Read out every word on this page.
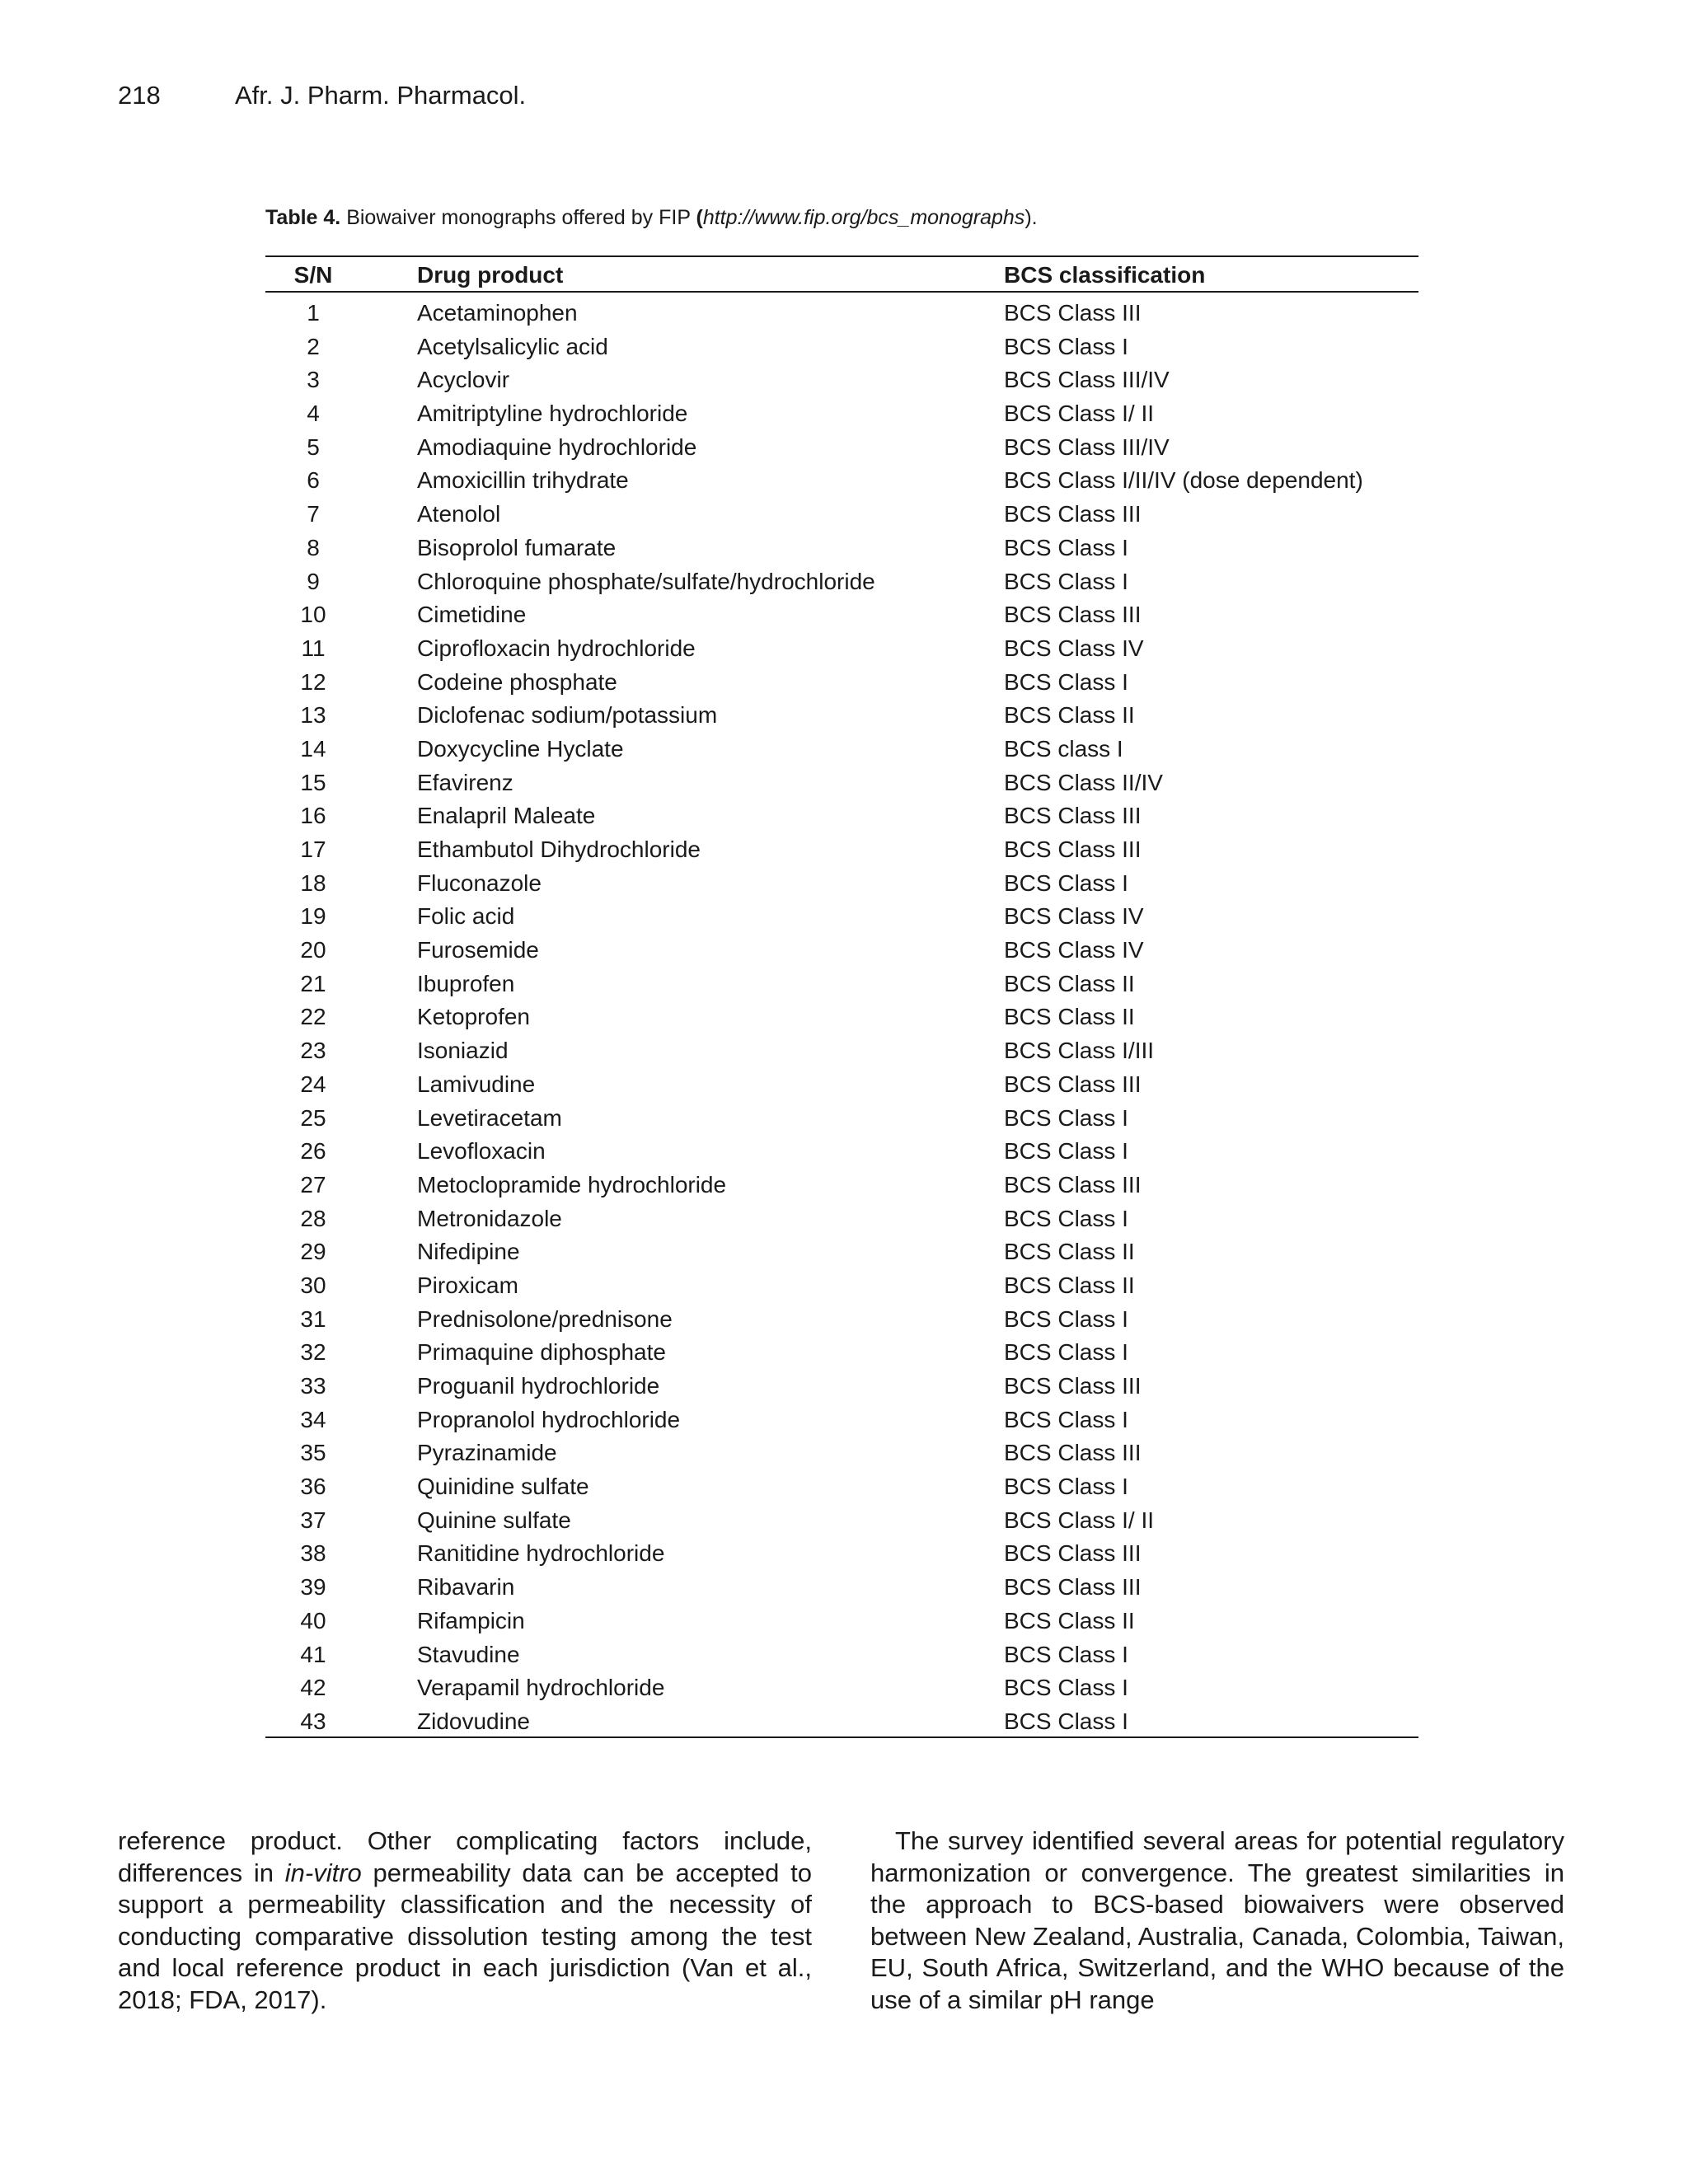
218	Afr. J. Pharm. Pharmacol.
Table 4. Biowaiver monographs offered by FIP (http://www.fip.org/bcs_monographs).
S/N	Drug product	BCS classification
1	Acetaminophen	BCS Class III
2	Acetylsalicylic acid	BCS Class I
3	Acyclovir	BCS Class III/IV
4	Amitriptyline hydrochloride	BCS Class I/ II
5	Amodiaquine hydrochloride	BCS Class III/IV
6	Amoxicillin trihydrate	BCS Class I/II/IV (dose dependent)
7	Atenolol	BCS Class III
8	Bisoprolol fumarate	BCS Class I
9	Chloroquine phosphate/sulfate/hydrochloride	BCS Class I
10	Cimetidine	BCS Class III
11	Ciprofloxacin hydrochloride	BCS Class IV
12	Codeine phosphate	BCS Class I
13	Diclofenac sodium/potassium	BCS Class II
14	Doxycycline Hyclate	BCS class I
15	Efavirenz	BCS Class II/IV
16	Enalapril Maleate	BCS Class III
17	Ethambutol Dihydrochloride	BCS Class III
18	Fluconazole	BCS Class I
19	Folic acid	BCS Class IV
20	Furosemide	BCS Class IV
21	Ibuprofen	BCS Class II
22	Ketoprofen	BCS Class II
23	Isoniazid	BCS Class I/III
24	Lamivudine	BCS Class III
25	Levetiracetam	BCS Class I
26	Levofloxacin	BCS Class I
27	Metoclopramide hydrochloride	BCS Class III
28	Metronidazole	BCS Class I
29	Nifedipine	BCS Class II
30	Piroxicam	BCS Class II
31	Prednisolone/prednisone	BCS Class I
32	Primaquine diphosphate	BCS Class I
33	Proguanil hydrochloride	BCS Class III
34	Propranolol hydrochloride	BCS Class I
35	Pyrazinamide	BCS Class III
36	Quinidine sulfate	BCS Class I
37	Quinine sulfate	BCS Class I/ II
38	Ranitidine hydrochloride	BCS Class III
39	Ribavarin	BCS Class III
40	Rifampicin	BCS Class II
41	Stavudine	BCS Class I
42	Verapamil hydrochloride	BCS Class I
43	Zidovudine	BCS Class I

reference product. Other complicating factors include, differences in in-vitro permeability data can be accepted to support a permeability classification and the necessity of conducting comparative dissolution testing among the test and local reference product in each jurisdiction (Van et al., 2018; FDA, 2017).

The survey identified several areas for potential regulatory harmonization or convergence. The greatest similarities in the approach to BCS-based biowaivers were observed between New Zealand, Australia, Canada, Colombia, Taiwan, EU, South Africa, Switzerland, and the WHO because of the use of a similar pH range
